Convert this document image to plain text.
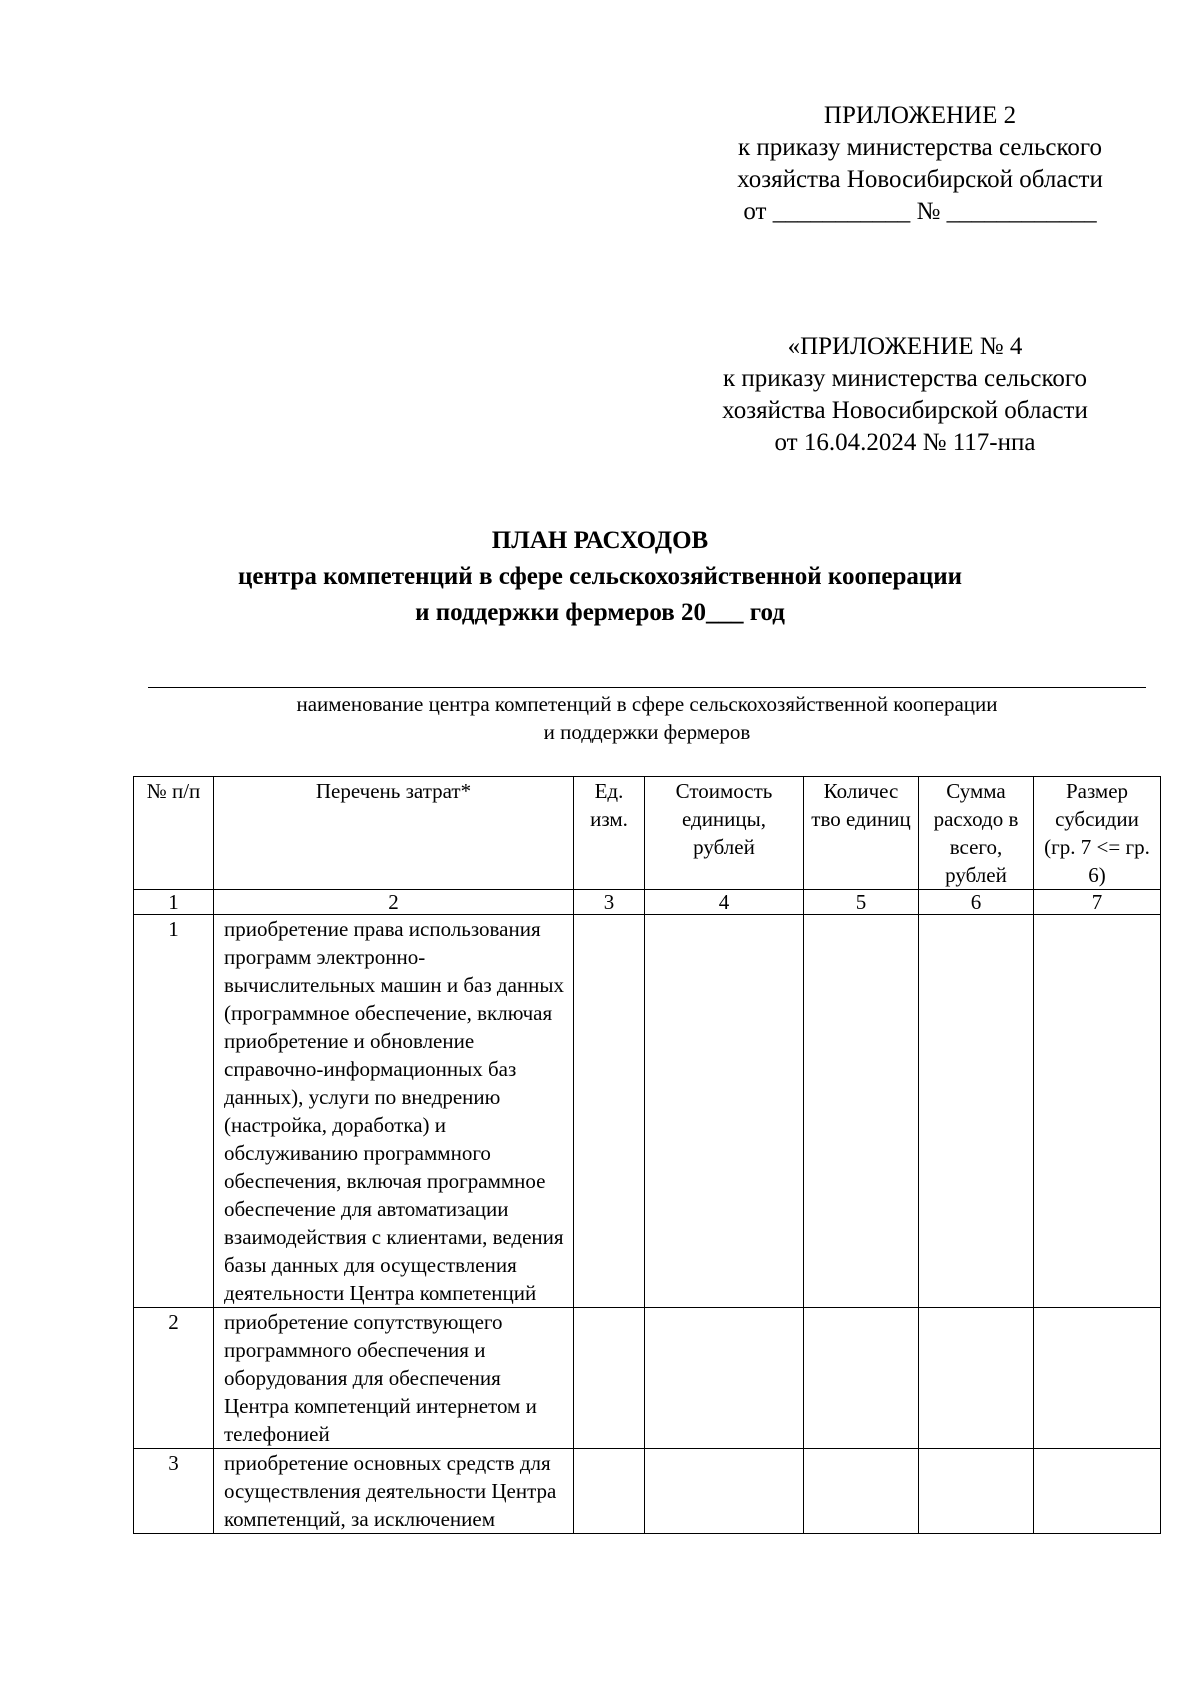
ПРИЛОЖЕНИЕ 2
к приказу министерства сельского
хозяйства Новосибирской области
от ___________ № ____________
«ПРИЛОЖЕНИЕ № 4
к приказу министерства сельского
хозяйства Новосибирской области
от 16.04.2024 № 117-нпа
ПЛАН РАСХОДОВ
центра компетенций в сфере сельскохозяйственной кооперации
и поддержки фермеров 20___ год
наименование центра компетенций в сфере сельскохозяйственной кооперации
и поддержки фермеров
№ п/п	Перечень затрат*	Ед. изм.	Стоимость единицы, рублей	Количес тво единиц	Сумма расходо в всего, рублей	Размер субсидии (гр. 7 <= гр. 6)
1	2	3	4	5	6	7
1	приобретение права использования программ электронно-вычислительных машин и баз данных (программное обеспечение, включая приобретение и обновление справочно-информационных баз данных), услуги по внедрению (настройка, доработка) и обслуживанию программного обеспечения, включая программное обеспечение для автоматизации взаимодействия с клиентами, ведения базы данных для осуществления деятельности Центра компетенций					
2	приобретение сопутствующего программного обеспечения и оборудования для обеспечения Центра компетенций интернетом и телефонией					
3	приобретение основных средств для осуществления деятельности Центра компетенций, за исключением					
